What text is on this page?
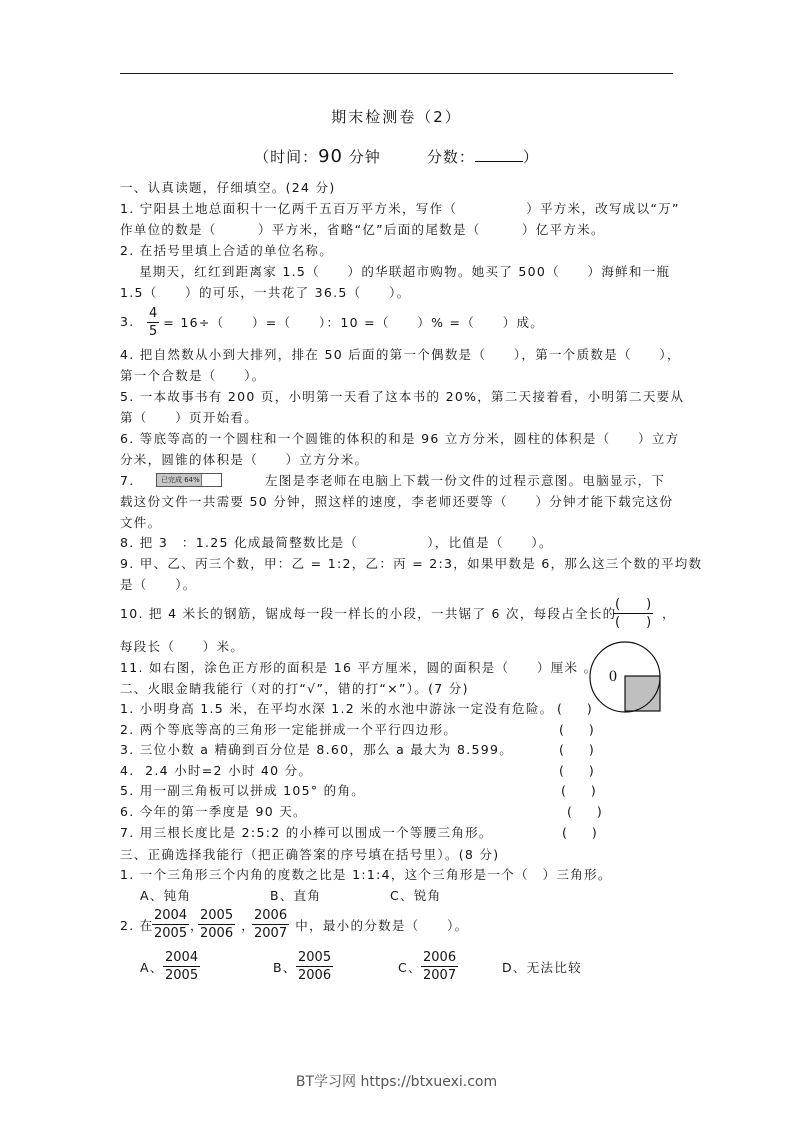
期末检测卷（2）
（时间：90 分钟        分数：	）
一、认真读题，仔细填空。(24 分)
1. 宁阳县土地总面积十一亿两千五百万平方米，写作（　　　　　）平方米，改写成以“万”
作单位的数是（　　　）平方米，省略“亿”后面的尾数是（　　　）亿平方米。
2. 在括号里填上合适的单位名称。
　 星期天，红红到距离家 1.5（　　）的华联超市购物。她买了 500（　　）海鲜和一瓶
1.5（　　）的可乐，一共花了 36.5（　　）。
3. $\frac{4}{5}$
= 16÷（　　）=（　　）：10 =（　　）% =（　　）成。
4. 把自然数从小到大排列，排在 50 后面的第一个偶数是（　　），第一个质数是（　　），
第一个合数是（　　）。
5. 一本故事书有 200 页，小明第一天看了这本书的 20%，第二天接着看，小明第二天要从
第（　　）页开始看。
6. 等底等高的一个圆柱和一个圆锥的体积的和是 96 立方分米，圆柱的体积是（　　）立方
分米，圆锥的体积是（　　）立方分米。
7.	已完成 64%	左图是李老师在电脑上下载一份文件的过程示意图。电脑显示，下
载这份文件一共需要 50 分钟，照这样的速度，李老师还要等（　　）分钟才能下载完这份
文件。
8. 把 3　：1.25 化成最简整数比是（　　　　　），比值是（　　）。
9. 甲、乙、丙三个数，甲：乙 = 1:2，乙：丙 = 2:3，如果甲数是 6，那么这三个数的平均数
是（　　）。
10. 把 4 米长的钢筋，锯成每一段一样长的小段，一共锯了 6 次，每段占全长的
(　　)
(　　)
，
每段长（　　）米。
11. 如右图，涂色正方形的面积是 16 平方厘米，圆的面积是（　　）厘米 。
0
二、火眼金睛我能行（对的打“√”，错的打“×”）。(7 分)
1. 小明身高 1.5 米，在平均水深 1.2 米的水池中游泳一定没有危险。 (　　)
2. 两个等底等高的三角形一定能拼成一个平行四边形。	(　　)
3. 三位小数 a 精确到百分位是 8.60，那么 a 最大为 8.599。	(　　)
4.  2.4 小时=2 小时 40 分。	(　　)
5. 用一副三角板可以拼成 105° 的角。	(　　)
6. 今年的第一季度是 90 天。	(　　)
7. 用三根长度比是 2:5:2 的小棒可以围成一个等腰三角形。	(　　)
三、正确选择我能行（把正确答案的序号填在括号里）。(8 分)
1. 一个三角形三个内角的度数之比是 1:1:4，这个三角形是一个（　）三角形。
A、钝角	B、直角	C、锐角
2. 在
$\frac{2004}{2005}$ ，
$\frac{2005}{2006}$ ，
$\frac{2006}{2007}$ 中，最小的分数是（　　）。
A、 $\frac{2004}{2005}$	B、 $\frac{2005}{2006}$	C、 $\frac{2006}{2007}$	D、无法比较
BT学习网 https://btxuexi.com
